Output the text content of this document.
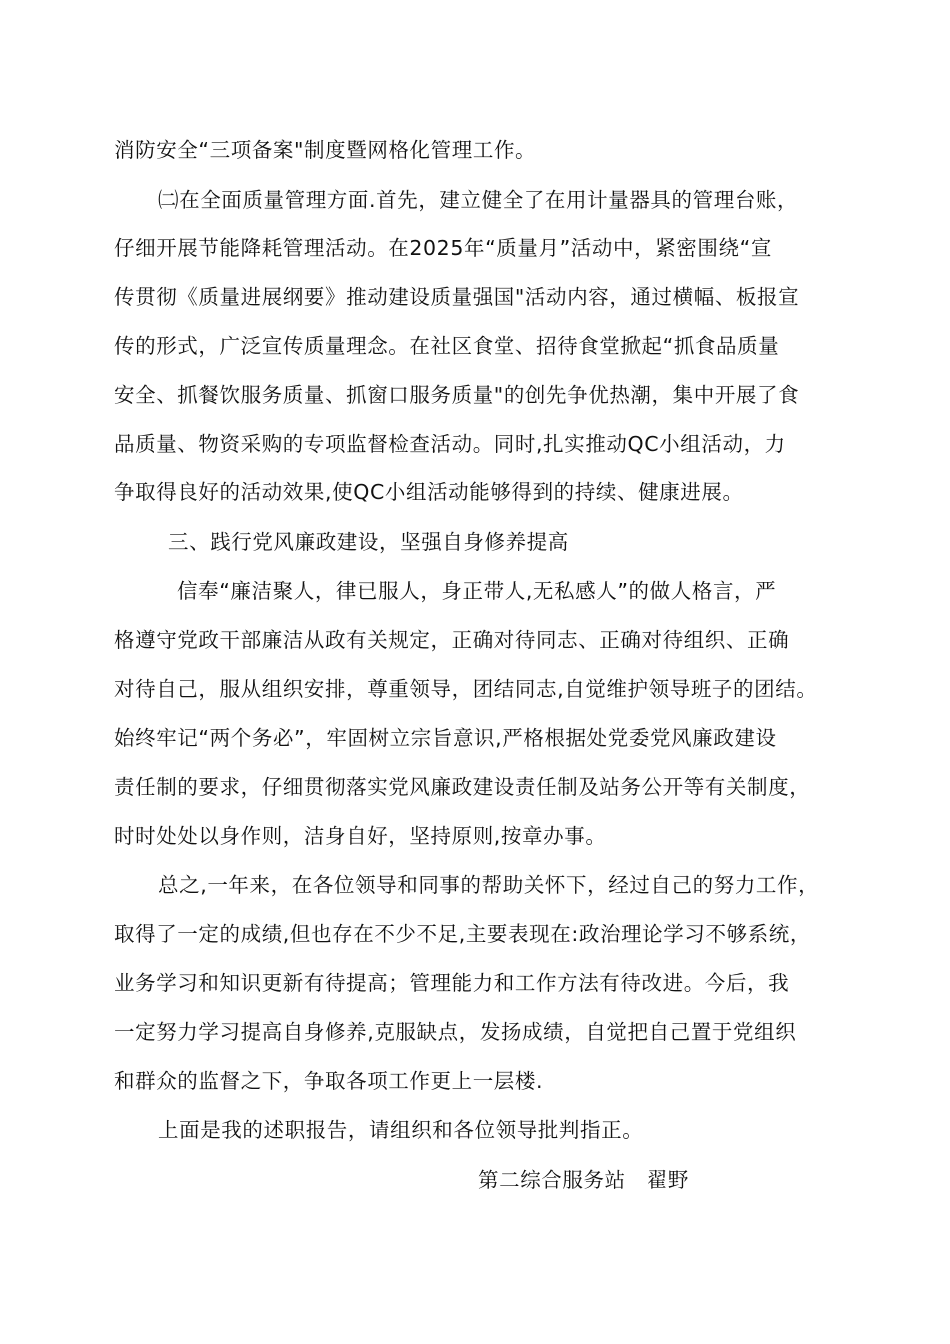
消防安全“三项备案"制度暨网格化管理工作。

㈡在全面质量管理方面.首先，建立健全了在用计量器具的管理台账，

仔细开展节能降耗管理活动。在2025年“质量月”活动中，紧密围绕“宣

传贯彻《质量进展纲要》推动建设质量强国"活动内容，通过横幅、板报宣

传的形式，广泛宣传质量理念。在社区食堂、招待食堂掀起“抓食品质量

安全、抓餐饮服务质量、抓窗口服务质量"的创先争优热潮，集中开展了食

品质量、物资采购的专项监督检查活动。同时,扎实推动QC小组活动，力

争取得良好的活动效果,使QC小组活动能够得到的持续、健康进展。

三、践行党风廉政建设，坚强自身修养提高

信奉“廉洁聚人，律已服人，身正带人,无私感人”的做人格言，严

格遵守党政干部廉洁从政有关规定，正确对待同志、正确对待组织、正确

对待自己，服从组织安排，尊重领导，团结同志,自觉维护领导班子的团结。

始终牢记“两个务必”，牢固树立宗旨意识,严格根据处党委党风廉政建设

责任制的要求，仔细贯彻落实党风廉政建设责任制及站务公开等有关制度，

时时处处以身作则，洁身自好，坚持原则,按章办事。

总之,一年来，在各位领导和同事的帮助关怀下，经过自己的努力工作，

取得了一定的成绩,但也存在不少不足,主要表现在:政治理论学习不够系统，

业务学习和知识更新有待提高；管理能力和工作方法有待改进。今后，我

一定努力学习提高自身修养,克服缺点，发扬成绩，自觉把自己置于党组织

和群众的监督之下，争取各项工作更上一层楼.

上面是我的述职报告，请组织和各位领导批判指正。

第二综合服务站　翟野
